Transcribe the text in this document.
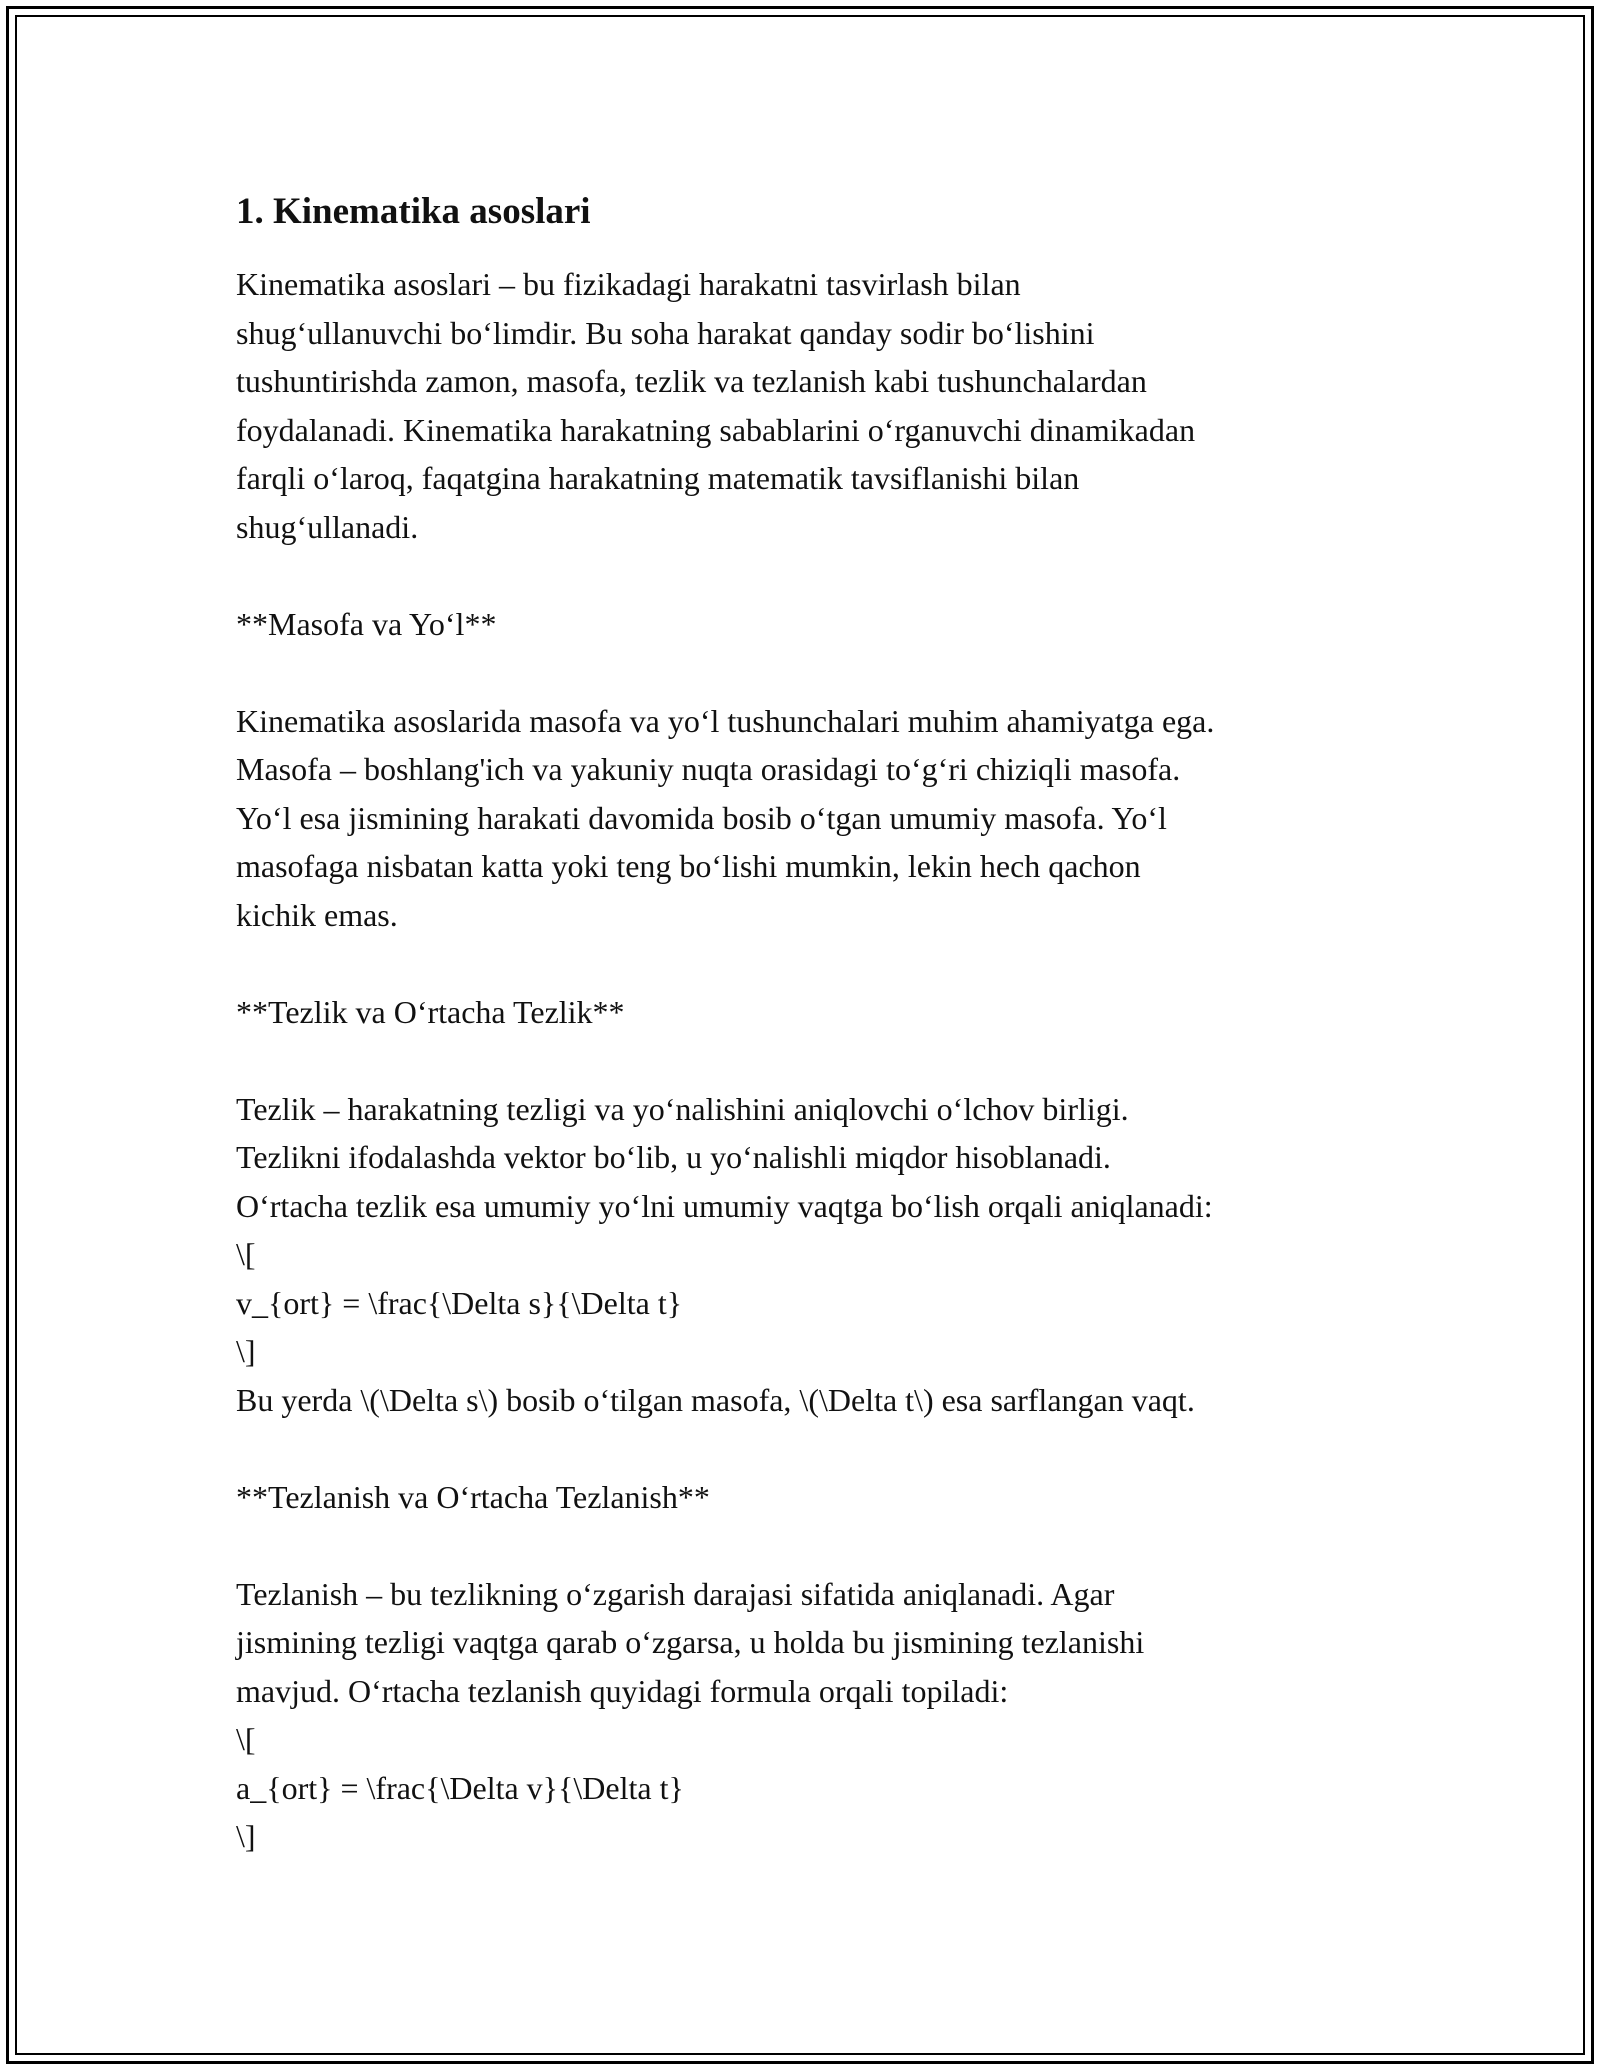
1. Kinematika asoslari
Kinematika asoslari – bu fizikadagi harakatni tasvirlash bilan
shug‘ullanuvchi bo‘limdir. Bu soha harakat qanday sodir bo‘lishini
tushuntirishda zamon, masofa, tezlik va tezlanish kabi tushunchalardan
foydalanadi. Kinematika harakatning sabablarini o‘rganuvchi dinamikadan
farqli o‘laroq, faqatgina harakatning matematik tavsiflanishi bilan
shug‘ullanadi.
**Masofa va Yo‘l**
Kinematika asoslarida masofa va yo‘l tushunchalari muhim ahamiyatga ega.
Masofa – boshlang'ich va yakuniy nuqta orasidagi to‘g‘ri chiziqli masofa.
Yo‘l esa jismining harakati davomida bosib o‘tgan umumiy masofa. Yo‘l
masofaga nisbatan katta yoki teng bo‘lishi mumkin, lekin hech qachon
kichik emas.
**Tezlik va O‘rtacha Tezlik**
Tezlik – harakatning tezligi va yo‘nalishini aniqlovchi o‘lchov birligi.
Tezlikni ifodalashda vektor bo‘lib, u yo‘nalishli miqdor hisoblanadi.
O‘rtacha tezlik esa umumiy yo‘lni umumiy vaqtga bo‘lish orqali aniqlanadi:
\[
v_{ort} = \frac{\Delta s}{\Delta t}
\]
Bu yerda \(\Delta s\) bosib o‘tilgan masofa, \(\Delta t\) esa sarflangan vaqt.
**Tezlanish va O‘rtacha Tezlanish**
Tezlanish – bu tezlikning o‘zgarish darajasi sifatida aniqlanadi. Agar
jismining tezligi vaqtga qarab o‘zgarsa, u holda bu jismining tezlanishi
mavjud. O‘rtacha tezlanish quyidagi formula orqali topiladi:
\[
a_{ort} = \frac{\Delta v}{\Delta t}
\]
